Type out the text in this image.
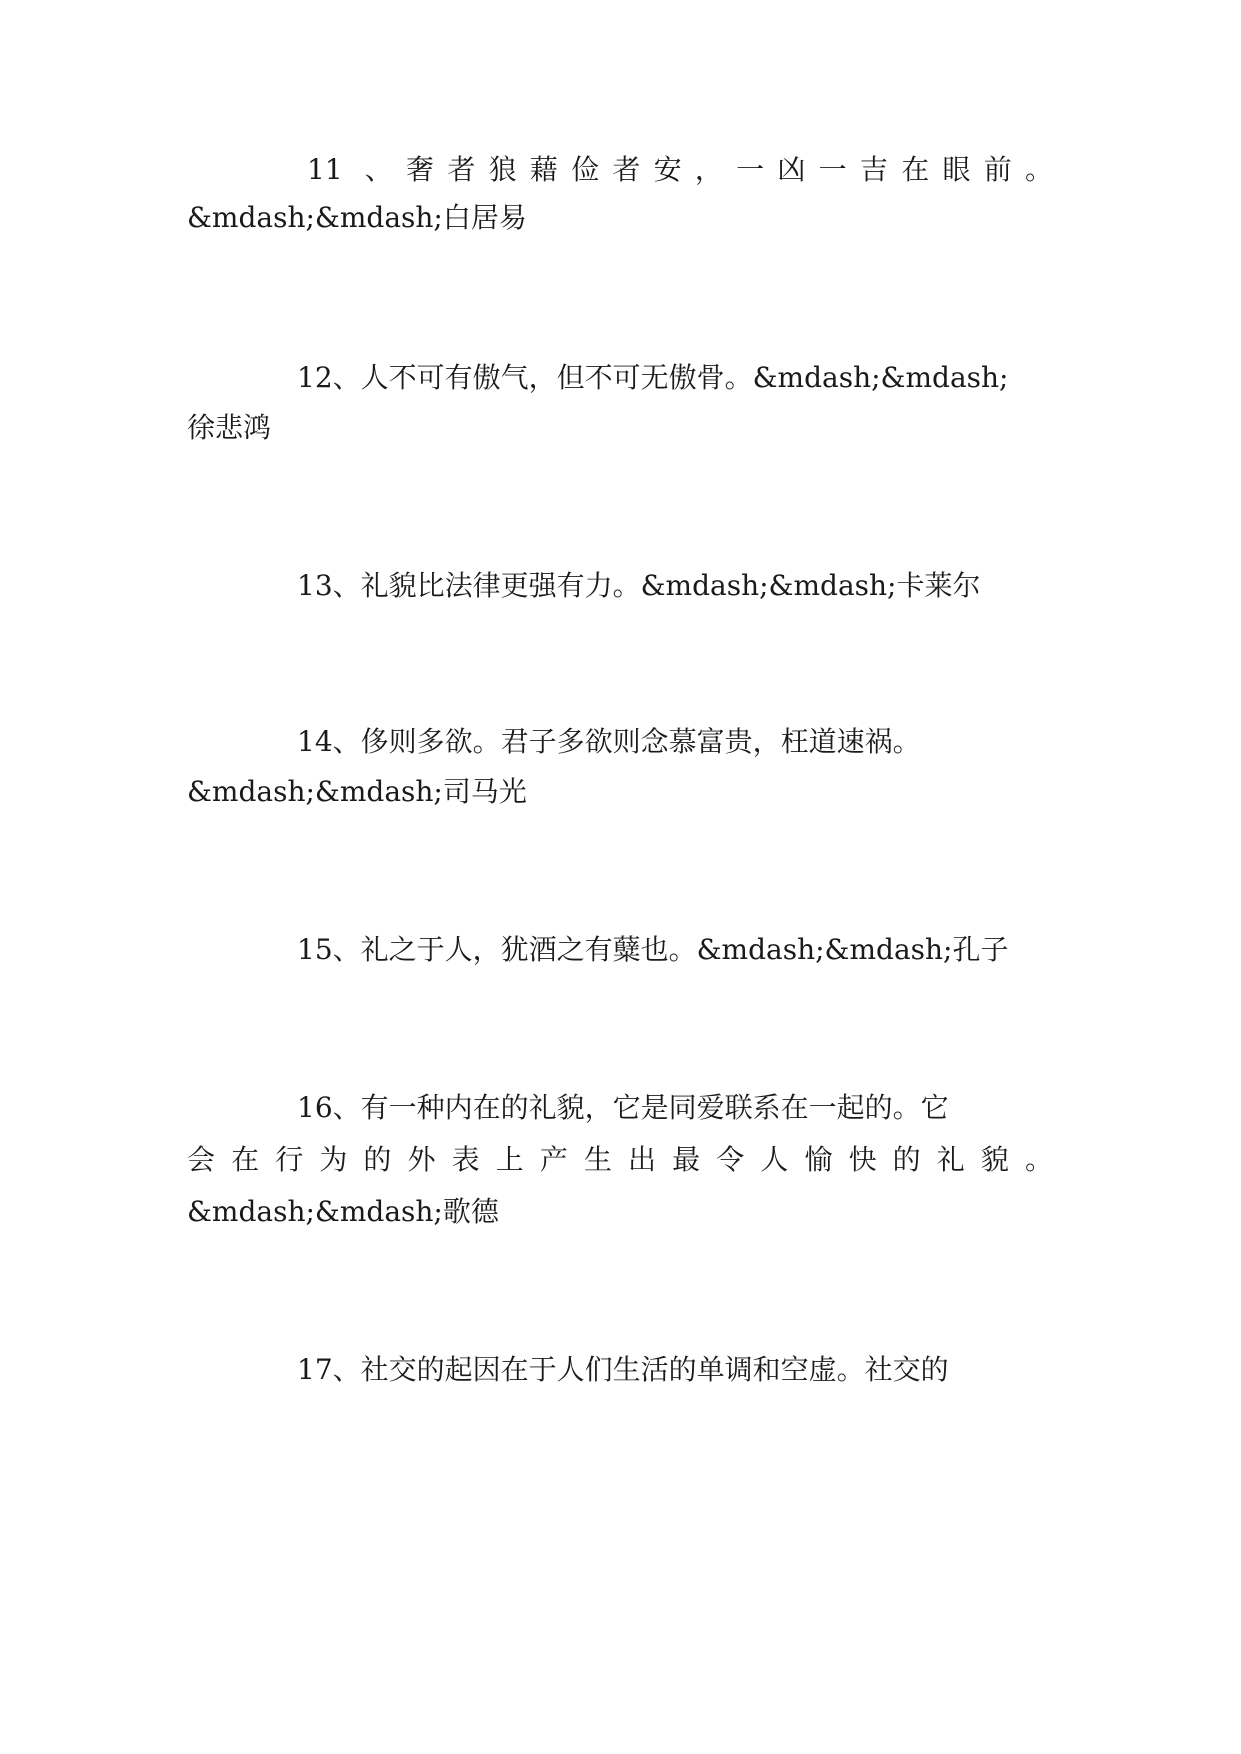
11 、奢者狼藉俭者安，一凶一吉在眼前。
&mdash;&mdash;白居易
12、人不可有傲气，但不可无傲骨。&mdash;&mdash;
徐悲鸿
13、礼貌比法律更强有力。&mdash;&mdash;卡莱尔
14、侈则多欲。君子多欲则念慕富贵，枉道速祸。
&mdash;&mdash;司马光
15、礼之于人，犹酒之有糵也。&mdash;&mdash;孔子
16、有一种内在的礼貌，它是同爱联系在一起的。它
会在行为的外表上产生出最令人愉快的礼貌。
&mdash;&mdash;歌德
17、社交的起因在于人们生活的单调和空虚。社交的
